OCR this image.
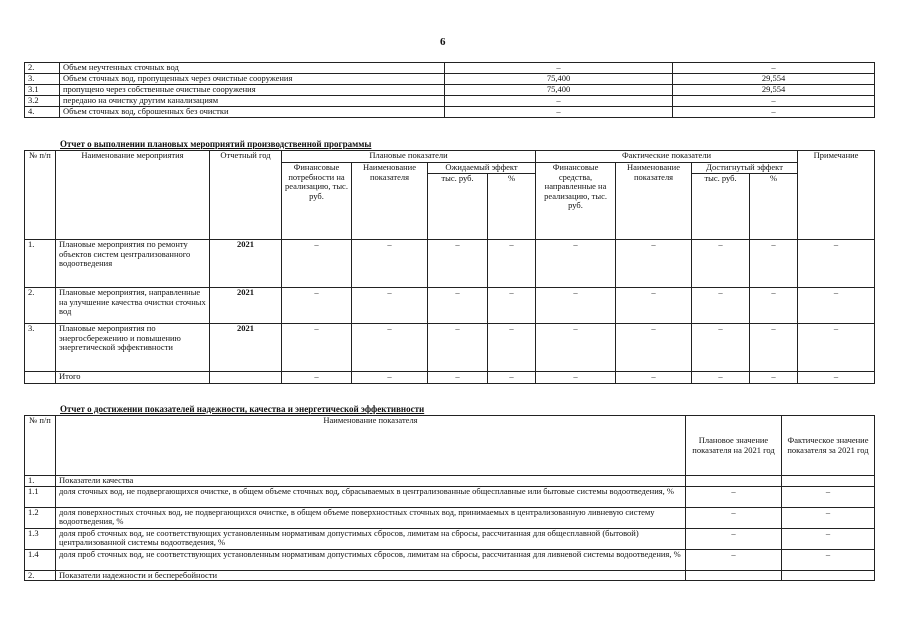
6
2.	Объем неучтенных сточных вод	–	–
3.	Объем сточных вод, пропущенных через очистные сооружения	75,400	29,554
3.1	пропущено через собственные очистные сооружения	75,400	29,554
3.2	передано на очистку другим канализациям	–	–
4.	Объем сточных вод, сброшенных без очистки	–	–
Отчет о выполнении плановых мероприятий производственной программы
№ п/п	Наименование мероприятия	Отчетный год	Плановые показатели				Фактические показатели				Примечание
			Финансовые потребности на реализацию, тыс. руб.	Наименование показателя	Ожидаемый эффект		Финансовые средства, направленные на реализацию, тыс. руб.	Наименование показателя	Достигнутый эффект		
					тыс. руб.	%			тыс. руб.	%	
1.	Плановые мероприятия по ремонту объектов систем централизованного водоотведения	2021	–	–	–	–	–	–	–	–	–
2.	Плановые мероприятия, направленные на улучшение качества очистки сточных вод	2021	–	–	–	–	–	–	–	–	–
3.	Плановые мероприятия по энергосбережению и повышению энергетической эффективности	2021	–	–	–	–	–	–	–	–	–
	Итого		–	–	–	–	–	–	–	–	–
Отчет о достижении показателей надежности, качества и энергетической эффективности
№ п/п	Наименование показателя	Плановое значение показателя на 2021 год	Фактическое значение показателя за 2021 год
1.	Показатели качества		
1.1	доля сточных вод, не подвергающихся очистке, в общем объеме сточных вод, сбрасываемых в централизованные общесплавные или бытовые системы водоотведения, %	–	–
1.2	доля поверхностных сточных вод, не подвергающихся очистке, в общем объеме поверхностных сточных вод, принимаемых в централизованную ливневую систему водоотведения, %	–	–
1.3	доля проб сточных вод, не соответствующих установленным нормативам допустимых сбросов, лимитам на сбросы, рассчитанная для общесплавной (бытовой) централизованной системы водоотведения, %	–	–
1.4	доля проб сточных вод, не соответствующих установленным нормативам допустимых сбросов, лимитам на сбросы, рассчитанная для ливневой системы водоотведения, %	–	–
2.	Показатели надежности и бесперебойности		
